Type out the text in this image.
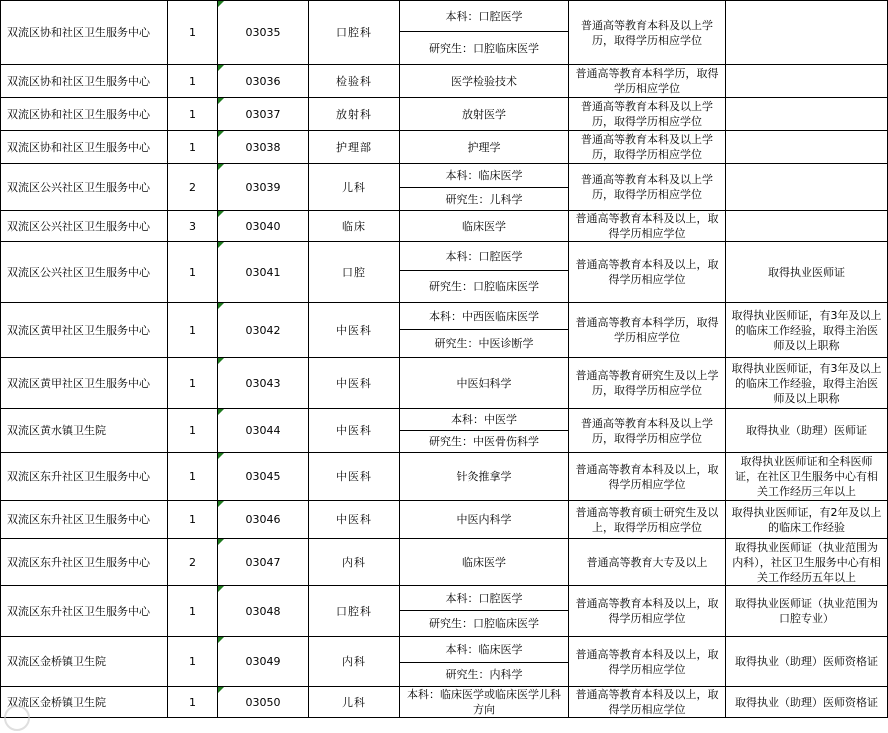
双流区协和社区卫生服务中心	1	03035	口腔科	本科：口腔医学	普通高等教育本科及以上学历，取得学历相应学位	
				研究生：口腔临床医学		
双流区协和社区卫生服务中心	1	03036	检验科	医学检验技术	普通高等教育本科学历，取得学历相应学位	
双流区协和社区卫生服务中心	1	03037	放射科	放射医学	普通高等教育本科及以上学历，取得学历相应学位	
双流区协和社区卫生服务中心	1	03038	护理部	护理学	普通高等教育本科及以上学历，取得学历相应学位	
双流区公兴社区卫生服务中心	2	03039	儿科	本科：临床医学	普通高等教育本科及以上学历，取得学历相应学位	
				研究生：儿科学		
双流区公兴社区卫生服务中心	3	03040	临床	临床医学	普通高等教育本科及以上，取得学历相应学位	
双流区公兴社区卫生服务中心	1	03041	口腔	本科：口腔医学	普通高等教育本科及以上，取得学历相应学位	取得执业医师证
				研究生：口腔临床医学		
双流区黄甲社区卫生服务中心	1	03042	中医科	本科：中西医临床医学	普通高等教育本科学历，取得学历相应学位	取得执业医师证，有3年及以上的临床工作经验，取得主治医师及以上职称
				研究生：中医诊断学		
双流区黄甲社区卫生服务中心	1	03043	中医科	中医妇科学	普通高等教育研究生及以上学历，取得学历相应学位	取得执业医师证，有3年及以上的临床工作经验，取得主治医师及以上职称
双流区黄水镇卫生院	1	03044	中医科	本科：中医学	普通高等教育本科及以上学历，取得学历相应学位	取得执业（助理）医师证
				研究生：中医骨伤科学		
双流区东升社区卫生服务中心	1	03045	中医科	针灸推拿学	普通高等教育本科及以上，取得学历相应学位	取得执业医师证和全科医师证，在社区卫生服务中心有相关工作经历三年以上
双流区东升社区卫生服务中心	1	03046	中医科	中医内科学	普通高等教育硕士研究生及以上，取得学历相应学位	取得执业医师证，有2年及以上的临床工作经验
双流区东升社区卫生服务中心	2	03047	内科	临床医学	普通高等教育大专及以上	取得执业医师证（执业范围为内科），社区卫生服务中心有相关工作经历五年以上
双流区东升社区卫生服务中心	1	03048	口腔科	本科：口腔医学	普通高等教育本科及以上，取得学历相应学位	取得执业医师证（执业范围为口腔专业）
				研究生：口腔临床医学		
双流区金桥镇卫生院	1	03049	内科	本科：临床医学	普通高等教育本科及以上，取得学历相应学位	取得执业（助理）医师资格证
				研究生：内科学		
双流区金桥镇卫生院	1	03050	儿科	本科：临床医学或临床医学儿科方向	普通高等教育本科及以上，取得学历相应学位	取得执业（助理）医师资格证
